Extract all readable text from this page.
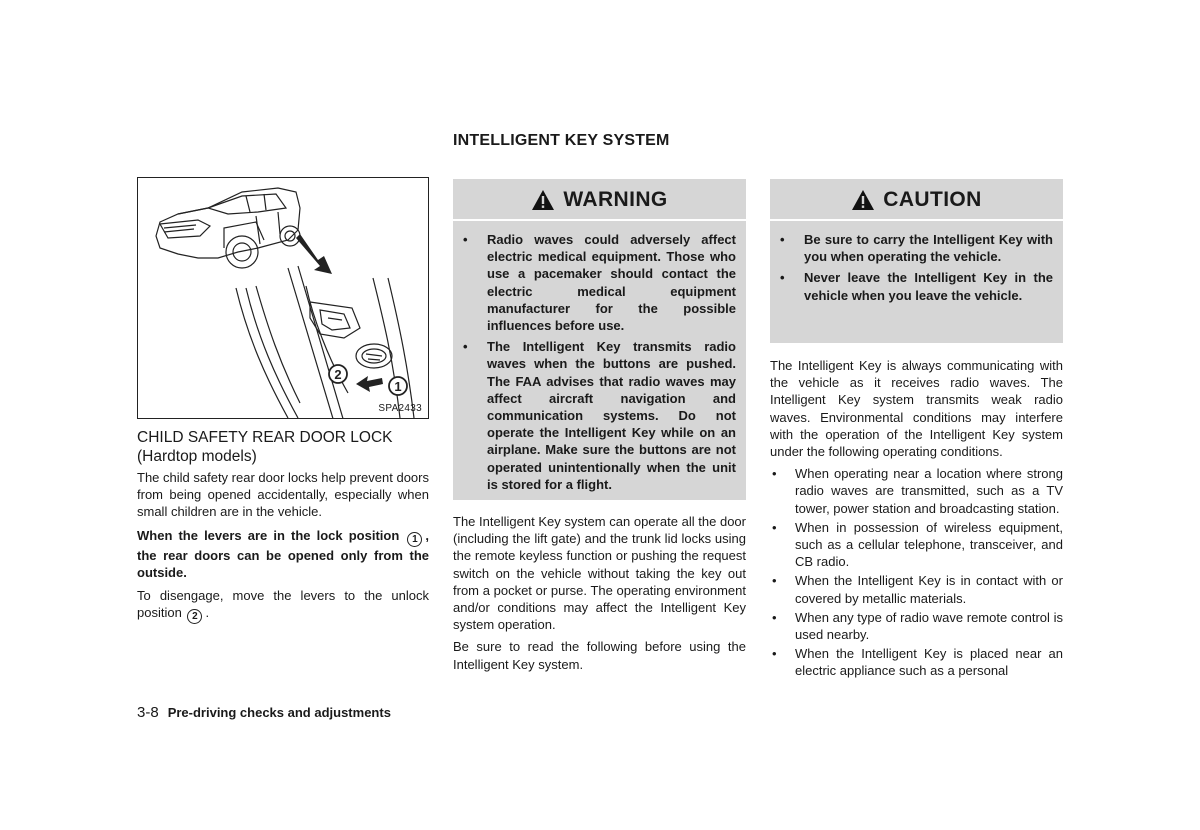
INTELLIGENT KEY SYSTEM
2
1
SPA2433
CHILD SAFETY REAR DOOR LOCK
(Hardtop models)
The child safety rear door locks help prevent doors from being opened accidentally, especially when small children are in the vehicle.
When the levers are in the lock position 1 , the rear doors can be opened only from the outside.
To disengage, move the levers to the unlock position 2 .
WARNING
• Radio waves could adversely affect electric medical equipment. Those who use a pacemaker should contact the electric medical equipment manufacturer for the possible influences before use.
• The Intelligent Key transmits radio waves when the buttons are pushed. The FAA advises that radio waves may affect aircraft navigation and communication systems. Do not operate the Intelligent Key while on an airplane. Make sure the buttons are not operated unintentionally when the unit is stored for a flight.
The Intelligent Key system can operate all the door (including the lift gate) and the trunk lid locks using the remote keyless function or pushing the request switch on the vehicle without taking the key out from a pocket or purse. The operating environment and/or conditions may affect the Intelligent Key system operation.
Be sure to read the following before using the Intelligent Key system.
CAUTION
• Be sure to carry the Intelligent Key with you when operating the vehicle.
• Never leave the Intelligent Key in the vehicle when you leave the vehicle.
The Intelligent Key is always communicating with the vehicle as it receives radio waves. The Intelligent Key system transmits weak radio waves. Environmental conditions may interfere with the operation of the Intelligent Key system under the following operating conditions.
• When operating near a location where strong radio waves are transmitted, such as a TV tower, power station and broadcasting station.
• When in possession of wireless equipment, such as a cellular telephone, transceiver, and CB radio.
• When the Intelligent Key is in contact with or covered by metallic materials.
• When any type of radio wave remote control is used nearby.
• When the Intelligent Key is placed near an electric appliance such as a personal
3-8 Pre-driving checks and adjustments
